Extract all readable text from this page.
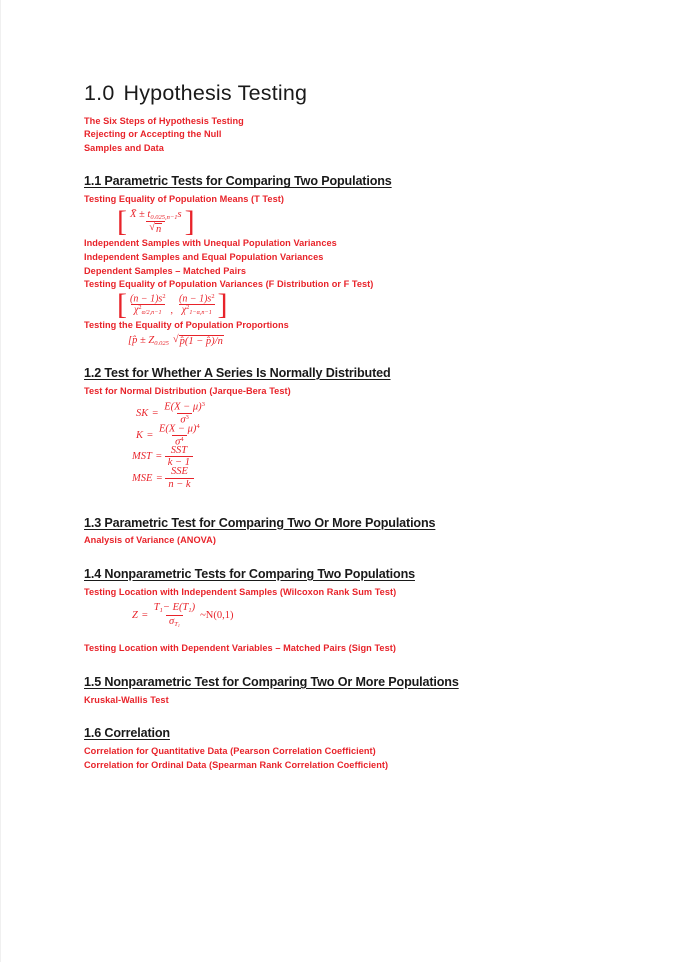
1.0 Hypothesis Testing

The Six Steps of Hypothesis Testing

Rejecting or Accepting the Null

Samples and Data

1.1 Parametric Tests for Comparing Two Populations

Testing Equality of Population Means (T Test)

[ $\frac{X̄ \pm t_{0.025,n-1}s}{√ n}$ ]

Independent Samples with Unequal Population Variances

Independent Samples and Equal Population Variances

Dependent Samples – Matched Pairs

Testing Equality of Population Variances (F Distribution or F Test)

[ $\frac{(n - 1)s^2}{\chi^2_{\alpha/2,n-1}}$ , $\frac{(n - 1)s^2}{\chi^2_{1-\alpha,n-1}}$ ]

Testing the Equality of Population Proportions

[p̂ ± $Z_{0.025}$ √ p̂(1 − p̂)/n
1.2 Test for Whether A Series Is Normally Distributed

Test for Normal Distribution (Jarque-Bera Test)

SK = $\frac{E(X - \mu)^3}{\sigma^3}$
$K = \frac{E(X - \mu)^4}{\sigma^4}$
MST = $\frac{\text{SST}}{k - 1}$
MSE = $\frac{\text{SSE}}{n - k}$
1.3 Parametric Test for Comparing Two Or More Populations

Analysis of Variance (ANOVA)

1.4 Nonparametric Tests for Comparing Two Populations

Testing Location with Independent Samples (Wilcoxon Rank Sum Test)

$Z = \frac{T_1- E(T_1)}{\sigma_{T_1}}$ ~N(0,1)

Testing Location with Dependent Variables – Matched Pairs (Sign Test)

1.5 Nonparametric Test for Comparing Two Or More Populations

Kruskal-Wallis Test

1.6 Correlation

Correlation for Quantitative Data (Pearson Correlation Coefficient)

Correlation for Ordinal Data (Spearman Rank Correlation Coefficient)
